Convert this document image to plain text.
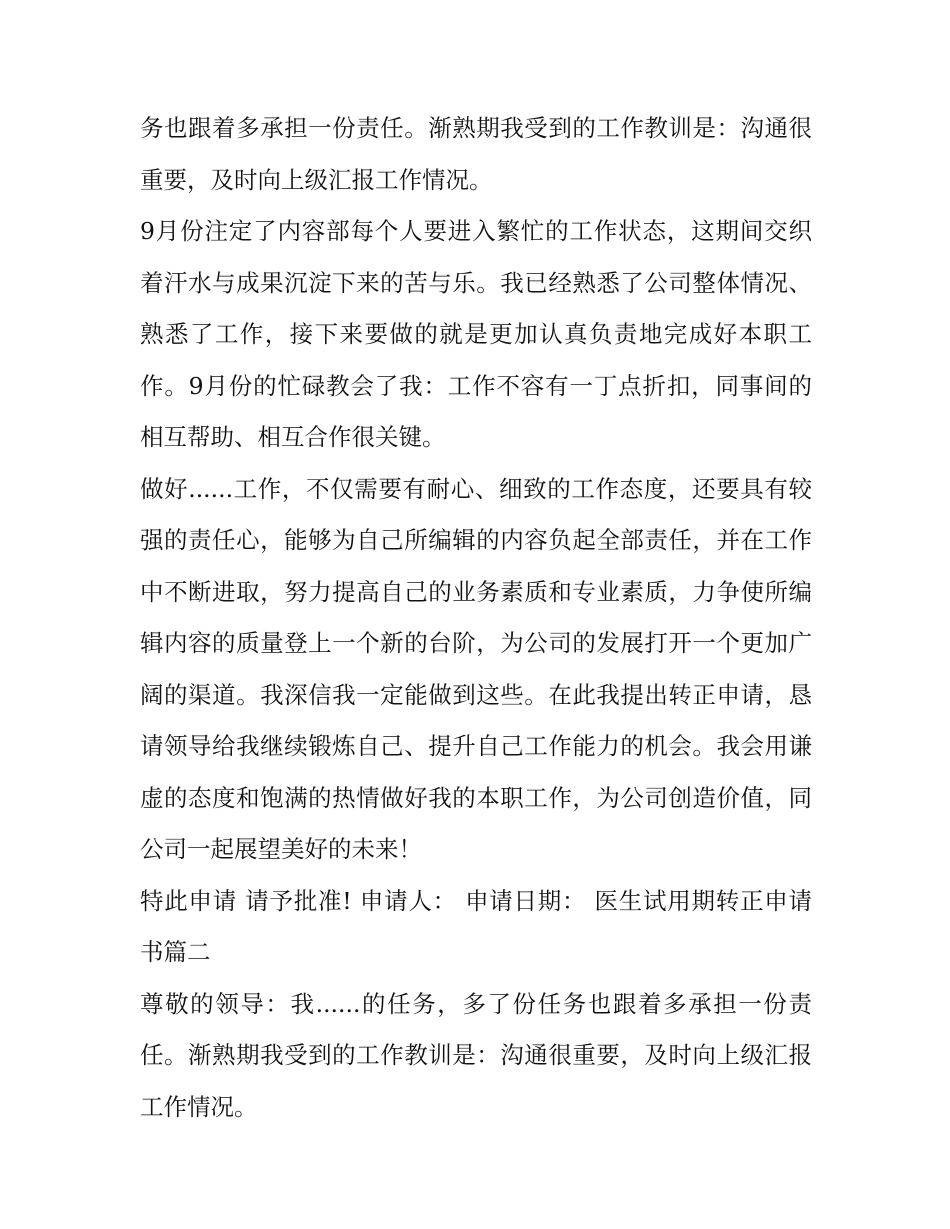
务也跟着多承担一份责任。渐熟期我受到的工作教训是：沟通很重要，及时向上级汇报工作情况。

9月份注定了内容部每个人要进入繁忙的工作状态，这期间交织着汗水与成果沉淀下来的苦与乐。我已经熟悉了公司整体情况、熟悉了工作，接下来要做的就是更加认真负责地完成好本职工作。9月份的忙碌教会了我：工作不容有一丁点折扣，同事间的相互帮助、相互合作很关键。

做好......工作，不仅需要有耐心、细致的工作态度，还要具有较强的责任心，能够为自己所编辑的内容负起全部责任，并在工作中不断进取，努力提高自己的业务素质和专业素质，力争使所编辑内容的质量登上一个新的台阶，为公司的发展打开一个更加广阔的渠道。我深信我一定能做到这些。在此我提出转正申请，恳请领导给我继续锻炼自己、提升自己工作能力的机会。我会用谦虚的态度和饱满的热情做好我的本职工作，为公司创造价值，同公司一起展望美好的未来！

特此申请 请予批准! 申请人： 申请日期： 医生试用期转正申请书篇二

尊敬的领导：我......的任务，多了份任务也跟着多承担一份责任。渐熟期我受到的工作教训是：沟通很重要，及时向上级汇报工作情况。
